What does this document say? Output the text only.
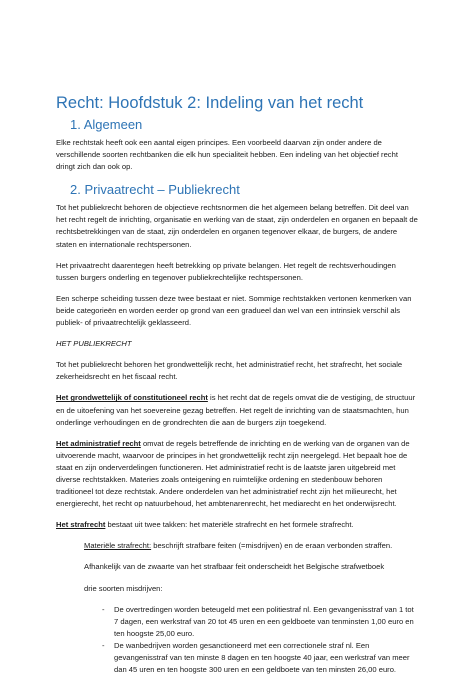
Recht: Hoofdstuk 2: Indeling van het recht
1. Algemeen

Elke rechtstak heeft ook een aantal eigen principes. Een voorbeeld daarvan zijn onder andere de verschillende soorten rechtbanken die elk hun specialiteit hebben. Een indeling van het objectief recht dringt zich dan ook op.

2. Privaatrecht – Publiekrecht

Tot het publiekrecht behoren de objectieve rechtsnormen die het algemeen belang betreffen. Dit deel van het recht regelt de inrichting, organisatie en werking van de staat, zijn onderdelen en organen en bepaalt de rechtsbetrekkingen van de staat, zijn onderdelen en organen tegenover elkaar, de burgers, de andere staten en internationale rechtspersonen.

Het privaatrecht daarentegen heeft betrekking op private belangen. Het regelt de rechtsverhoudingen tussen burgers onderling en tegenover publiekrechtelijke rechtspersonen.

Een scherpe scheiding tussen deze twee bestaat er niet. Sommige rechtstakken vertonen kenmerken van beide categorieën en worden eerder op grond van een gradueel dan wel van een intrinsiek verschil als publiek- of privaatrechtelijk geklasseerd.

HET PUBLIEKRECHT

Tot het publiekrecht behoren het grondwettelijk recht, het administratief recht, het strafrecht, het sociale zekerheidsrecht en het fiscaal recht.

Het grondwettelijk of constitutioneel recht is het recht dat de regels omvat die de vestiging, de structuur en de uitoefening van het soevereine gezag betreffen. Het regelt de inrichting van de staatsmachten, hun onderlinge verhoudingen en de grondrechten die aan de burgers zijn toegekend.

Het administratief recht omvat de regels betreffende de inrichting en de werking van de organen van de uitvoerende macht, waarvoor de principes in het grondwettelijk recht zijn neergelegd. Het bepaalt hoe de staat en zijn onderverdelingen functioneren. Het administratief recht is de laatste jaren uitgebreid met diverse rechtstakken. Materies zoals onteigening en ruimtelijke ordening en stedenbouw behoren traditioneel tot deze rechtstak. Andere onderdelen van het administratief recht zijn het milieurecht, het energierecht, het recht op natuurbehoud, het ambtenarenrecht, het mediarecht en het onderwijsrecht.

Het strafrecht bestaat uit twee takken: het materiële strafrecht en het formele strafrecht.

Materiële strafrecht: beschrijft strafbare feiten (=misdrijven) en de eraan verbonden straffen.

Afhankelijk van de zwaarte van het strafbaar feit onderscheidt het Belgische strafwetboek

drie soorten misdrijven:

- De overtredingen worden beteugeld met een politiestraf nl. Een gevangenisstraf van 1 tot 7 dagen, een werkstraf van 20 tot 45 uren en een geldboete van tenminsten 1,00 euro en ten hoogste 25,00 euro.
- De wanbedrijven worden gesanctioneerd met een correctionele straf nl. Een gevangenisstraf van ten minste 8 dagen en ten hoogste 40 jaar, een werkstraf van meer dan 45 uren en ten hoogste 300 uren en een geldboete van ten minsten 26,00 euro.
